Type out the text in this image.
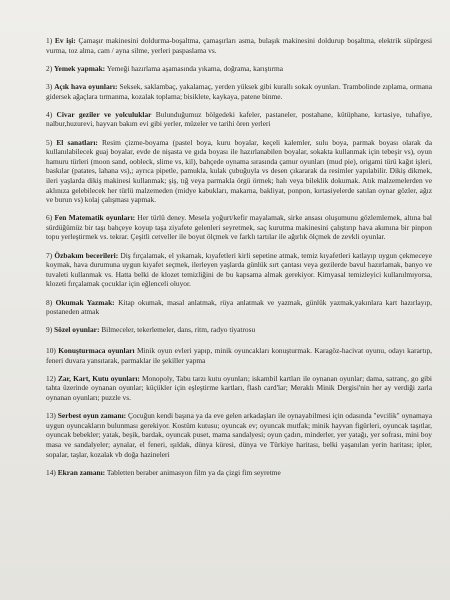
1) Ev işi: Çamaşır makinesini doldurma-boşaltma, çamaşırları asma, bulaşık makinesini doldurup boşaltma, elektrik süpürgesi vurma, toz alma, cam / ayna silme, yerleri paspaslama vs.

2) Yemek yapmak: Yemeği hazırlama aşamasında yıkama, doğrama, karıştırma

3) Açık hava oyunları: Seksek, saklambaç, yakalamaç, yerden yüksek gibi kurallı sokak oyunları. Trambolinde zıplama, ormana gidersek ağaçlara tırmanma, kozalak toplama; bisiklete, kaykaya, patene binme.

4) Civar geziler ve yolculuklar Bulunduğumuz bölgedeki kafeler, pastaneler, postahane, kütüphane, kırtasiye, tuhafiye, nalbur,huzurevi, hayvan bakım evi gibi yerler, müzeler ve tarihi ören yerleri

5) El sanatları: Resim çizme-boyama (pastel boya, kuru boyalar, keçeli kalemler, sulu boya, parmak boyası olarak da kullanılabilecek guaj boyalar, evde de nişasta ve gıda boyası ile hazırlanabilen boyalar, sokakta kullanmak için tebeşir vs), oyun hamuru türleri (moon sand, oobleck, slime vs, kil), bahçede oynama sırasında çamur oyunları (mud pie), origami türü kağıt işleri, baskılar (patates, lahana vs),; ayrıca pipetle, pamukla, kulak çubuğuyla vs desen çıkararak da resimler yapılabilir. Dikiş dikmek, ileri yaşlarda dikiş makinesi kullanmak; şiş, tığ veya parmakla örgü örmek; halı veya bileklik dokumak. Atık malzemelerden ve aklınıza gelebilecek her türlü malzemeden (midye kabukları, makarna, bakliyat, ponpon, kırtasiyelerde satılan oynar gözler, ağız ve burun vs) kolaj çalışması yapmak.

6) Fen Matematik oyunları: Her türlü deney. Mesela yoğurt/kefir mayalamak, sirke ansası oluşumunu gözlemlemek, altına bal sürdüğümüz bir taşı bahçeye koyup taşa ziyafete gelenleri seyretmek, saç kurutma makinesini çalıştırıp hava akımına bir pinpon topu yerleştirmek vs. tekrar. Çeşitli cetveller ile boyut ölçmek ve farklı tartılar ile ağırlık ölçmek de zevkli oyunlar.

7) Özbakım becerileri: Diş fırçalamak, el yıkamak, kıyafetleri kirli sepetine atmak, temiz kıyafetleri katlayıp uygun çekmeceye koymak, hava durumuna uygun kıyafet seçmek, ilerleyen yaşlarda günlük sırt çantası veya gezilerde bavul hazırlamak, banyo ve tuvaleti kullanmak vs. Hatta belki de klozet temizliğini de bu kapsama almak gerekiyor. Kimyasal temizleyici kullanılmıyorsa, klozeti fırçalamak çocuklar için eğlenceli oluyor.

8) Okumak Yazmak: Kitap okumak, masal anlatmak, rüya anlatmak ve yazmak, günlük yazmak,yakınlara kart hazırlayıp, postaneden atmak

9) Sözel oyunlar: Bilmeceler, tekerlemeler, dans, ritm, radyo tiyatrosu

10) Konuşturmaca oyunları Minik oyun evleri yapıp, minik oyuncakları konuşturmak. Karagöz-hacivat oyunu, odayı karartıp, feneri duvara yansıtarak, parmaklar ile şekiller yapma

12) Zar, Kart, Kutu oyunları: Monopoly, Tabu tarzı kutu oyunları; iskambil kartları ile oynanan oyunlar; dama, satranç, go gibi tahta üzerinde oynanan oyunlar; küçükler için eşleştirme kartları, flash card'lar; Meraklı Minik Dergisi'nin her ay verdiği zarla oynanan oyunları; puzzle vs.

13) Serbest oyun zamanı: Çocuğun kendi başına ya da eve gelen arkadaşları ile oynayabilmesi için odasında "evcilik" oynamaya uygun oyuncakların bulunması gerekiyor. Kostüm kutusu; oyuncak ev; oyuncak mutfak; minik hayvan figürleri, oyuncak taşıtlar, oyuncak bebekler; yatak, beşik, bardak, oyuncak puset, mama sandalyesi; oyun çadırı, minderler, yer yatağı, yer sofrası, mini boy masa ve sandalyeler; aynalar, el feneri, ışıldak, dünya küresi, dünya ve Türkiye haritası, belki yaşanılan yerin haritası; ipler, sopalar, taşlar, kozalak vb doğa hazineleri

14) Ekran zamanı: Tabletten beraber animasyon film ya da çizgi fim seyretme
